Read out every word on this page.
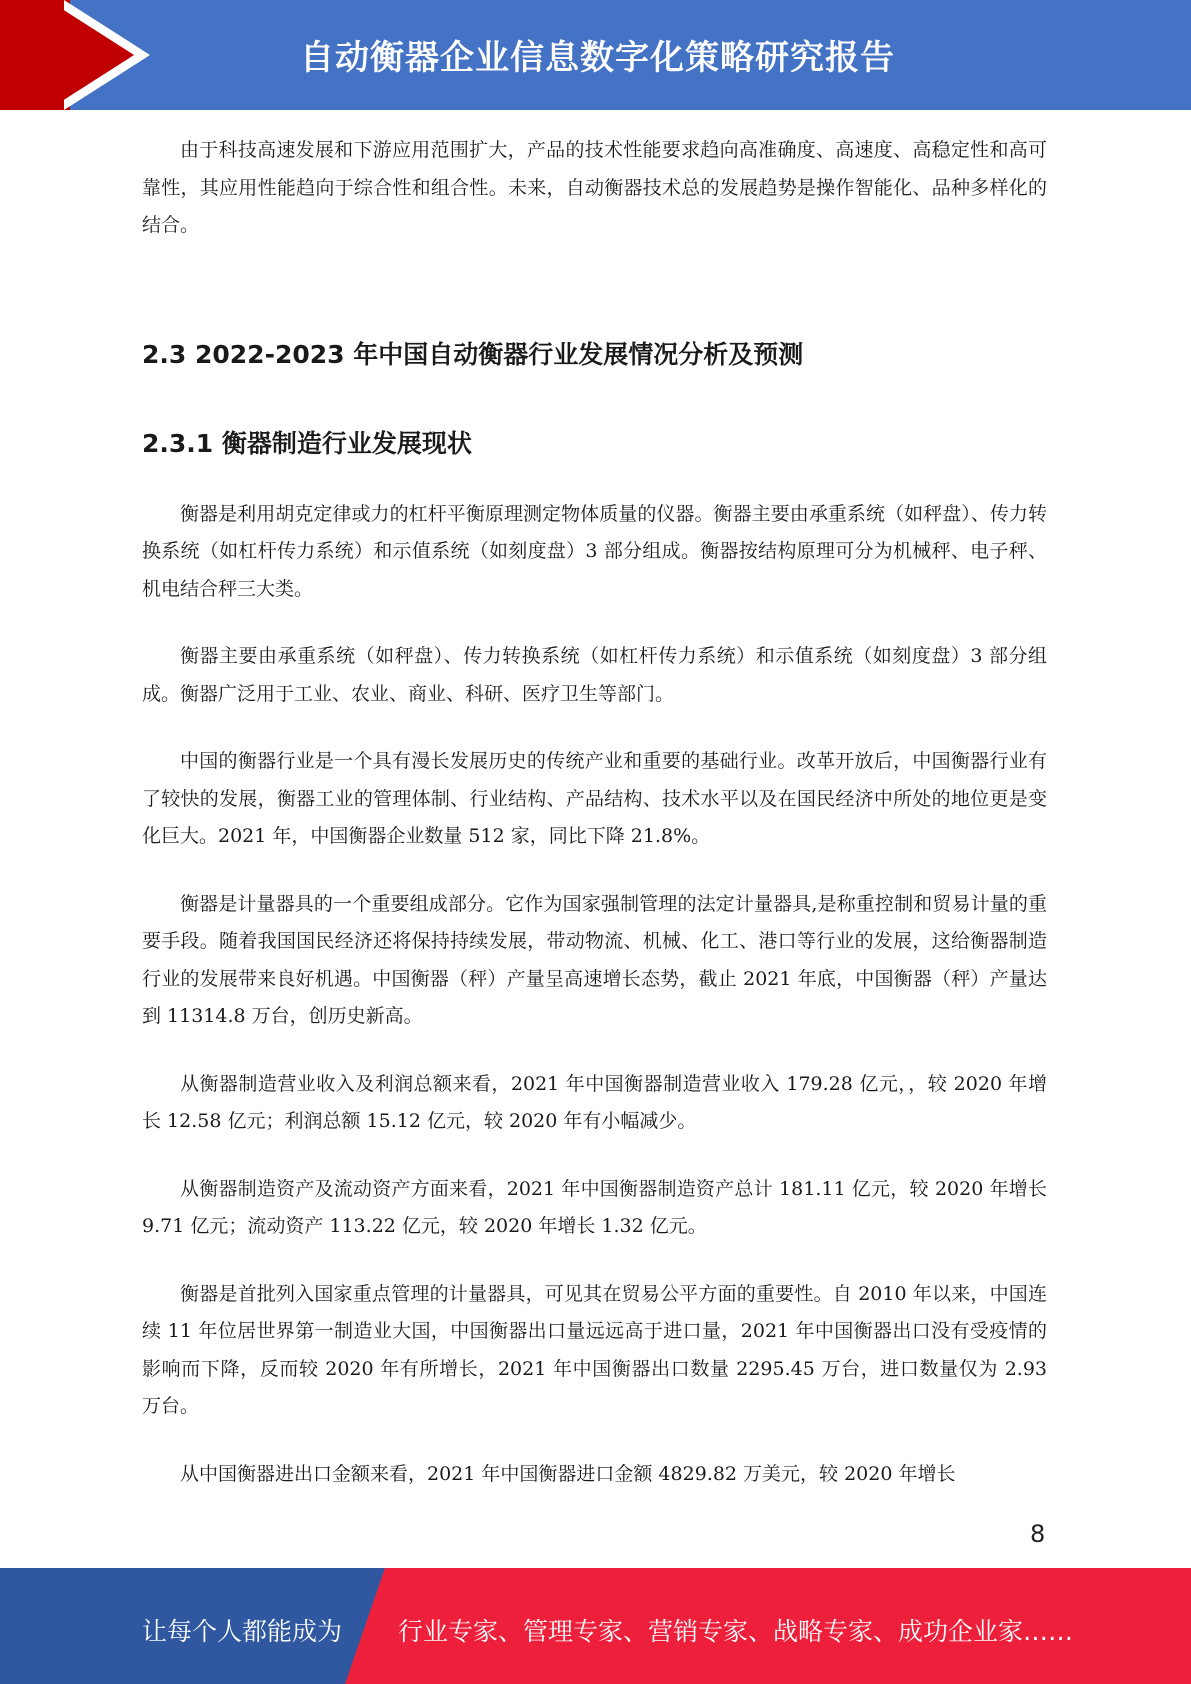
自动衡器企业信息数字化策略研究报告

由于科技高速发展和下游应用范围扩大，产品的技术性能要求趋向高准确度、高速度、高稳定性和高可靠性，其应用性能趋向于综合性和组合性。未来，自动衡器技术总的发展趋势是操作智能化、品种多样化的结合。

2.3 2022-2023 年中国自动衡器行业发展情况分析及预测
2.3.1 衡器制造行业发展现状

衡器是利用胡克定律或力的杠杆平衡原理测定物体质量的仪器。衡器主要由承重系统（如秤盘）、传力转换系统（如杠杆传力系统）和示值系统（如刻度盘）3 部分组成。衡器按结构原理可分为机械秤、电子秤、机电结合秤三大类。

衡器主要由承重系统（如秤盘）、传力转换系统（如杠杆传力系统）和示值系统（如刻度盘）3 部分组成。衡器广泛用于工业、农业、商业、科研、医疗卫生等部门。

中国的衡器行业是一个具有漫长发展历史的传统产业和重要的基础行业。改革开放后，中国衡器行业有了较快的发展，衡器工业的管理体制、行业结构、产品结构、技术水平以及在国民经济中所处的地位更是变化巨大。2021 年，中国衡器企业数量 512 家，同比下降 21.8%。

衡器是计量器具的一个重要组成部分。它作为国家强制管理的法定计量器具,是称重控制和贸易计量的重要手段。随着我国国民经济还将保持持续发展，带动物流、机械、化工、港口等行业的发展，这给衡器制造行业的发展带来良好机遇。中国衡器（秤）产量呈高速增长态势，截止 2021 年底，中国衡器（秤）产量达到 11314.8 万台，创历史新高。

从衡器制造营业收入及利润总额来看，2021 年中国衡器制造营业收入 179.28 亿元，，较 2020 年增长 12.58 亿元；利润总额 15.12 亿元，较 2020 年有小幅减少。

从衡器制造资产及流动资产方面来看，2021 年中国衡器制造资产总计 181.11 亿元，较 2020 年增长 9.71 亿元；流动资产 113.22 亿元，较 2020 年增长 1.32 亿元。

衡器是首批列入国家重点管理的计量器具，可见其在贸易公平方面的重要性。自 2010 年以来，中国连续 11 年位居世界第一制造业大国，中国衡器出口量远远高于进口量，2021 年中国衡器出口没有受疫情的影响而下降，反而较 2020 年有所增长，2021 年中国衡器出口数量 2295.45 万台，进口数量仅为 2.93 万台。

从中国衡器进出口金额来看，2021 年中国衡器进口金额 4829.82 万美元，较 2020 年增长

8
让每个人都能成为 行业专家、管理专家、营销专家、战略专家、成功企业家……
